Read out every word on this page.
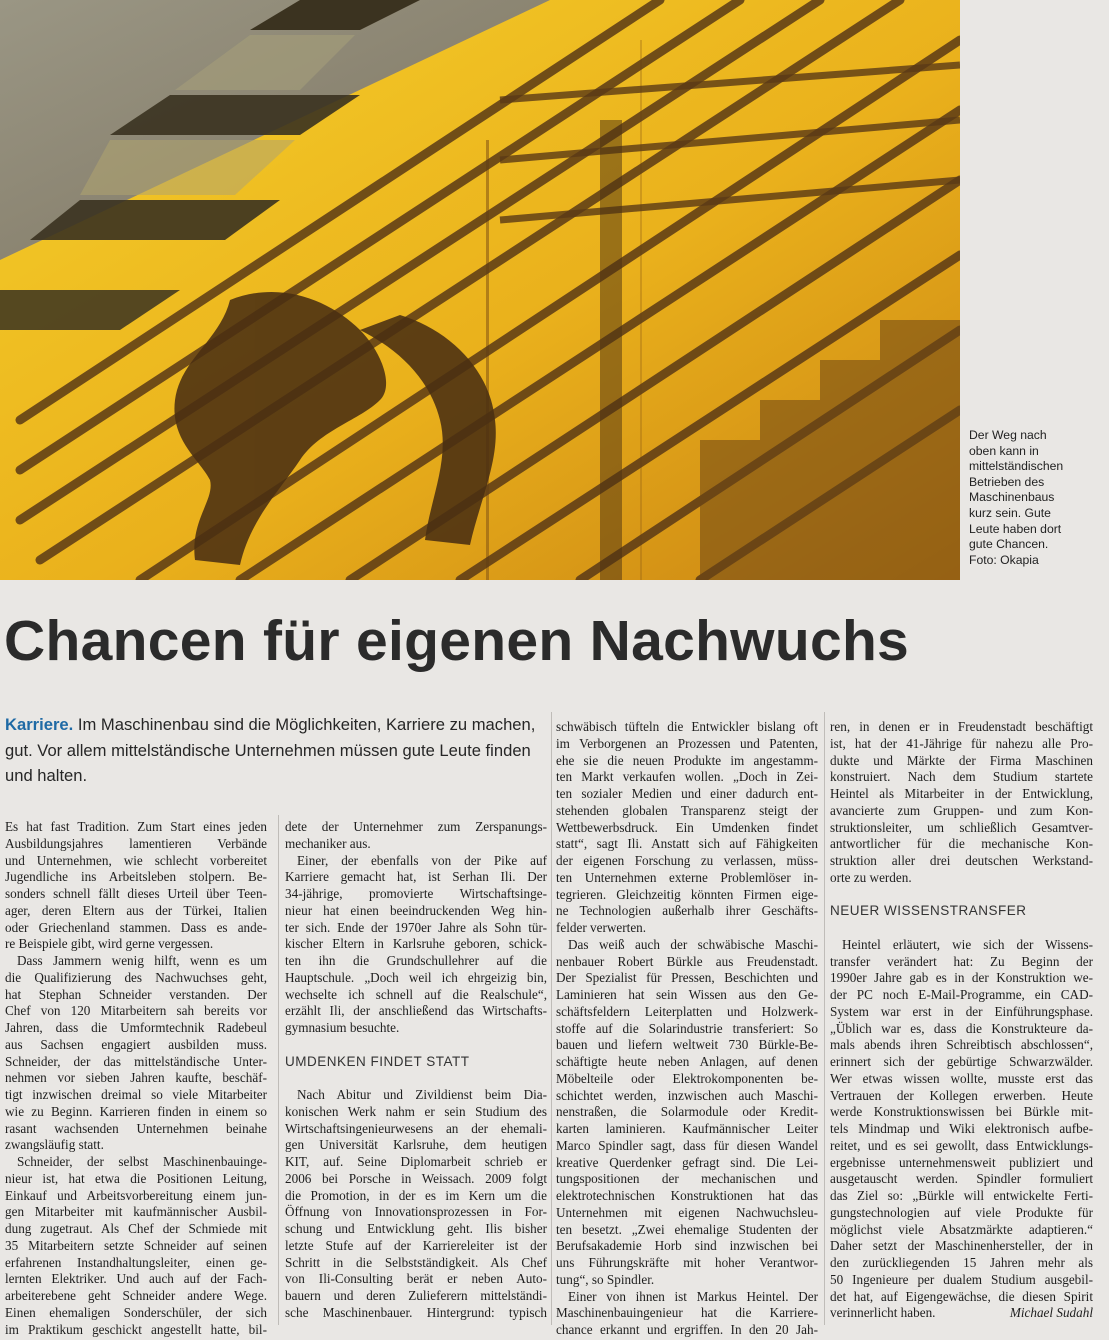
Der Weg nach
oben kann in
mittelständischen
Betrieben des
Maschinenbaus
kurz sein. Gute
Leute haben dort
gute Chancen.
Foto: Okapia
Chancen für eigenen Nachwuchs
Karriere. Im Maschinenbau sind die Möglichkeiten, Karriere zu machen,
gut. Vor allem mittelständische Unternehmen müssen gute Leute finden
und halten.
Es hat fast Tradition. Zum Start eines jeden
Ausbildungsjahres lamentieren Verbände
und Unternehmen, wie schlecht vorbereitet
Jugendliche ins Arbeitsleben stolpern. Be-
sonders schnell fällt dieses Urteil über Teen-
ager, deren Eltern aus der Türkei, Italien
oder Griechenland stammen. Dass es ande-
re Beispiele gibt, wird gerne vergessen.
Dass Jammern wenig hilft, wenn es um
die Qualifizierung des Nachwuchses geht,
hat Stephan Schneider verstanden. Der
Chef von 120 Mitarbeitern sah bereits vor
Jahren, dass die Umformtechnik Radebeul
aus Sachsen engagiert ausbilden muss.
Schneider, der das mittelständische Unter-
nehmen vor sieben Jahren kaufte, beschäf-
tigt inzwischen dreimal so viele Mitarbeiter
wie zu Beginn. Karrieren finden in einem so
rasant wachsenden Unternehmen beinahe
zwangsläufig statt.
Schneider, der selbst Maschinenbauinge-
nieur ist, hat etwa die Positionen Leitung,
Einkauf und Arbeitsvorbereitung einem jun-
gen Mitarbeiter mit kaufmännischer Ausbil-
dung zugetraut. Als Chef der Schmiede mit
35 Mitarbeitern setzte Schneider auf seinen
erfahrenen Instandhaltungsleiter, einen ge-
lernten Elektriker. Und auch auf der Fach-
arbeiterebene geht Schneider andere Wege.
Einen ehemaligen Sonderschüler, der sich
im Praktikum geschickt angestellt hatte, bil-
dete der Unternehmer zum Zerspanungs-
mechaniker aus.
Einer, der ebenfalls von der Pike auf
Karriere gemacht hat, ist Serhan Ili. Der
34-jährige, promovierte Wirtschaftsinge-
nieur hat einen beeindruckenden Weg hin-
ter sich. Ende der 1970er Jahre als Sohn tür-
kischer Eltern in Karlsruhe geboren, schick-
ten ihn die Grundschullehrer auf die
Hauptschule. „Doch weil ich ehrgeizig bin,
wechselte ich schnell auf die Realschule“,
erzählt Ili, der anschließend das Wirtschafts-
gymnasium besuchte.
UMDENKEN FINDET STATT
Nach Abitur und Zivildienst beim Dia-
konischen Werk nahm er sein Studium des
Wirtschaftsingenieurwesens an der ehemali-
gen Universität Karlsruhe, dem heutigen
KIT, auf. Seine Diplomarbeit schrieb er
2006 bei Porsche in Weissach. 2009 folgt
die Promotion, in der es im Kern um die
Öffnung von Innovationsprozessen in For-
schung und Entwicklung geht. Ilis bisher
letzte Stufe auf der Karriereleiter ist der
Schritt in die Selbstständigkeit. Als Chef
von Ili-Consulting berät er neben Auto-
bauern und deren Zulieferern mittelständi-
sche Maschinenbauer. Hintergrund: typisch
schwäbisch tüfteln die Entwickler bislang oft
im Verborgenen an Prozessen und Patenten,
ehe sie die neuen Produkte im angestamm-
ten Markt verkaufen wollen. „Doch in Zei-
ten sozialer Medien und einer dadurch ent-
stehenden globalen Transparenz steigt der
Wettbewerbsdruck. Ein Umdenken findet
statt“, sagt Ili. Anstatt sich auf Fähigkeiten
der eigenen Forschung zu verlassen, müss-
ten Unternehmen externe Problemlöser in-
tegrieren. Gleichzeitig könnten Firmen eige-
ne Technologien außerhalb ihrer Geschäfts-
felder verwerten.
Das weiß auch der schwäbische Maschi-
nenbauer Robert Bürkle aus Freudenstadt.
Der Spezialist für Pressen, Beschichten und
Laminieren hat sein Wissen aus den Ge-
schäftsfeldern Leiterplatten und Holzwerk-
stoffe auf die Solarindustrie transferiert: So
bauen und liefern weltweit 730 Bürkle-Be-
schäftigte heute neben Anlagen, auf denen
Möbelteile oder Elektrokomponenten be-
schichtet werden, inzwischen auch Maschi-
nenstraßen, die Solarmodule oder Kredit-
karten laminieren. Kaufmännischer Leiter
Marco Spindler sagt, dass für diesen Wandel
kreative Querdenker gefragt sind. Die Lei-
tungspositionen der mechanischen und
elektrotechnischen Konstruktionen hat das
Unternehmen mit eigenen Nachwuchsleu-
ten besetzt. „Zwei ehemalige Studenten der
Berufsakademie Horb sind inzwischen bei
uns Führungskräfte mit hoher Verantwor-
tung“, so Spindler.
Einer von ihnen ist Markus Heintel. Der
Maschinenbauingenieur hat die Karriere-
chance erkannt und ergriffen. In den 20 Jah-
ren, in denen er in Freudenstadt beschäftigt
ist, hat der 41-Jährige für nahezu alle Pro-
dukte und Märkte der Firma Maschinen
konstruiert. Nach dem Studium startete
Heintel als Mitarbeiter in der Entwicklung,
avancierte zum Gruppen- und zum Kon-
struktionsleiter, um schließlich Gesamtver-
antwortlicher für die mechanische Kon-
struktion aller drei deutschen Werkstand-
orte zu werden.
NEUER WISSENSTRANSFER
Heintel erläutert, wie sich der Wissens-
transfer verändert hat: Zu Beginn der
1990er Jahre gab es in der Konstruktion we-
der PC noch E-Mail-Programme, ein CAD-
System war erst in der Einführungsphase.
„Üblich war es, dass die Konstrukteure da-
mals abends ihren Schreibtisch abschlossen“,
erinnert sich der gebürtige Schwarzwälder.
Wer etwas wissen wollte, musste erst das
Vertrauen der Kollegen erwerben. Heute
werde Konstruktionswissen bei Bürkle mit-
tels Mindmap und Wiki elektronisch aufbe-
reitet, und es sei gewollt, dass Entwicklungs-
ergebnisse unternehmensweit publiziert und
ausgetauscht werden. Spindler formuliert
das Ziel so: „Bürkle will entwickelte Ferti-
gungstechnologien auf viele Produkte für
möglichst viele Absatzmärkte adaptieren.“
Daher setzt der Maschinenhersteller, der in
den zurückliegenden 15 Jahren mehr als
50 Ingenieure per dualem Studium ausgebil-
det hat, auf Eigengewächse, die diesen Spirit
verinnerlicht haben.	Michael Sudahl
